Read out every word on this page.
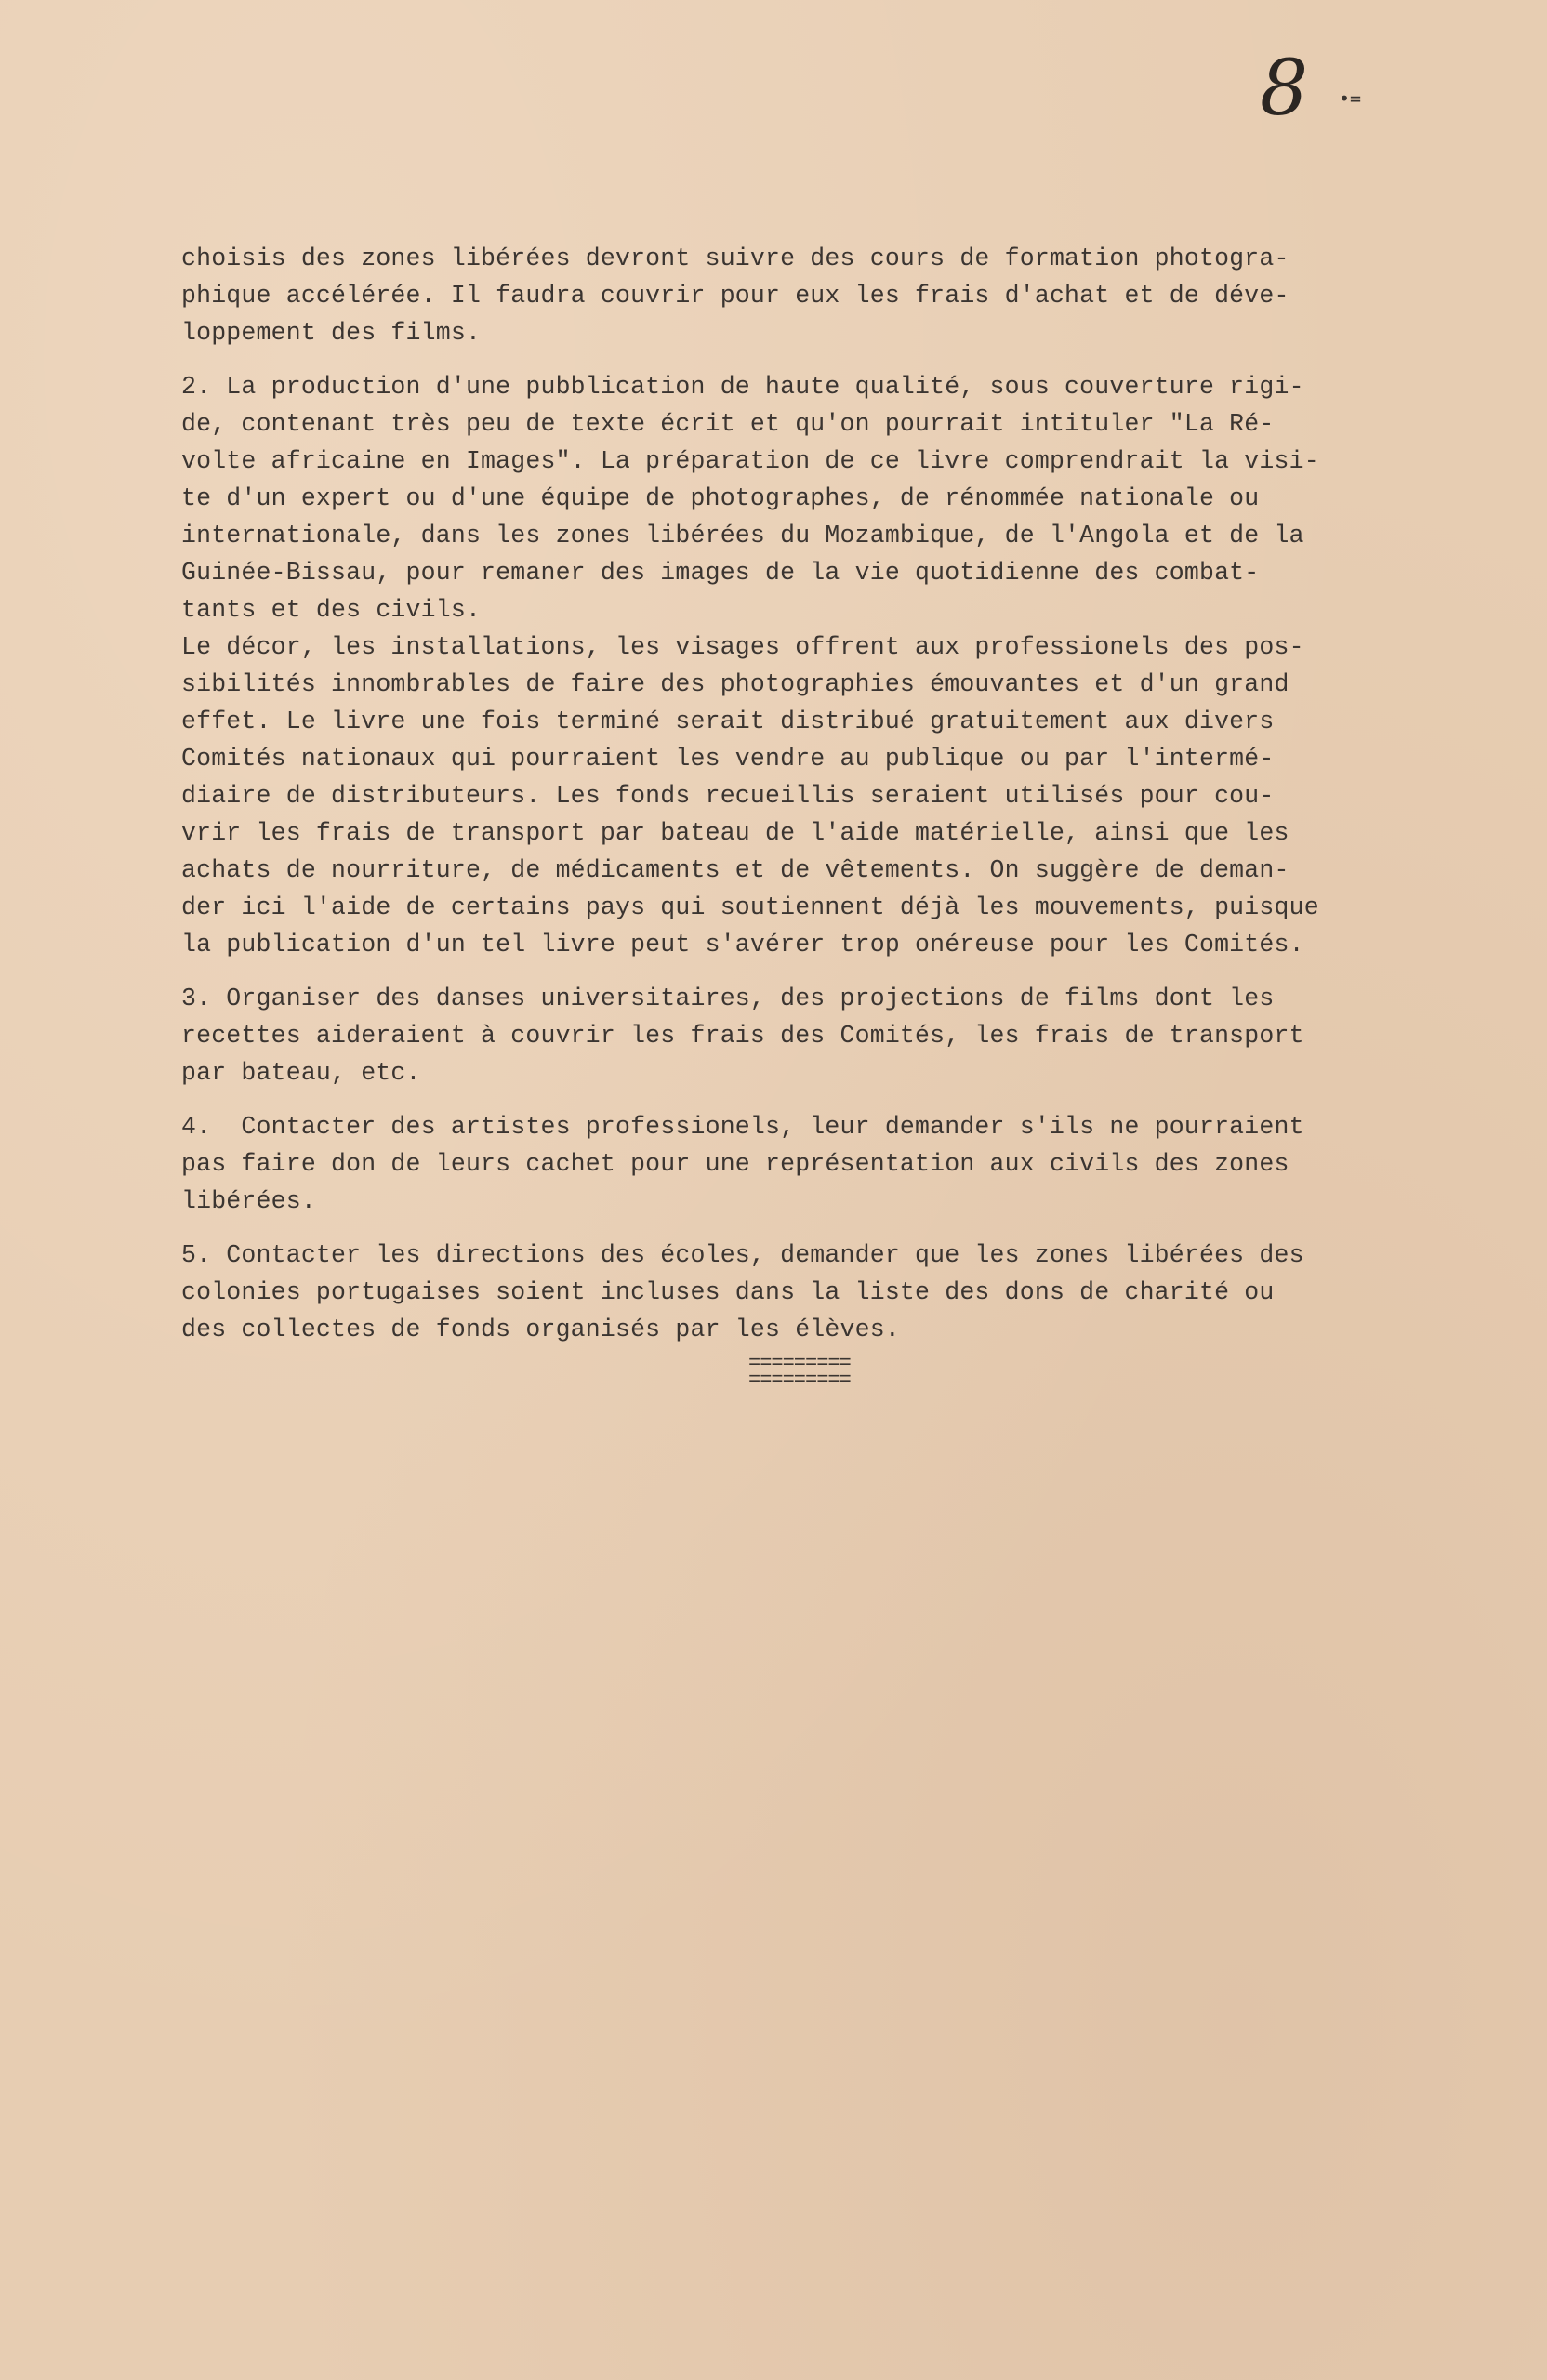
8 •=

choisis des zones libérées devront suivre des cours de formation photogra-
phique accélérée. Il faudra couvrir pour eux les frais d'achat et de déve-
loppement des films.

2. La production d'une pubblication de haute qualité, sous couverture rigi-
de, contenant très peu de texte écrit et qu'on pourrait intituler "La Ré-
volte africaine en Images". La préparation de ce livre comprendrait la visi-
te d'un expert ou d'une équipe de photographes, de rénommée nationale ou
internationale, dans les zones libérées du Mozambique, de l'Angola et de la
Guinée-Bissau, pour remaner des images de la vie quotidienne des combat-
tants et des civils.
Le décor, les installations, les visages offrent aux professionels des pos-
sibilités innombrables de faire des photographies émouvantes et d'un grand
effet. Le livre une fois terminé serait distribué gratuitement aux divers
Comités nationaux qui pourraient les vendre au publique ou par l'intermé-
diaire de distributeurs. Les fonds recueillis seraient utilisés pour cou-
vrir les frais de transport par bateau de l'aide matérielle, ainsi que les
achats de nourriture, de médicaments et de vêtements. On suggère de deman-
der ici l'aide de certains pays qui soutiennent déjà les mouvements, puisque
la publication d'un tel livre peut s'avérer trop onéreuse pour les Comités.

3. Organiser des danses universitaires, des projections de films dont les
recettes aideraient à couvrir les frais des Comités, les frais de transport
par bateau, etc.

4.  Contacter des artistes professionels, leur demander s'ils ne pourraient
pas faire don de leurs cachet pour une représentation aux civils des zones
libérées.

5. Contacter les directions des écoles, demander que les zones libérées des
colonies portugaises soient incluses dans la liste des dons de charité ou
des collectes de fonds organisés par les élèves.

=========
=========
